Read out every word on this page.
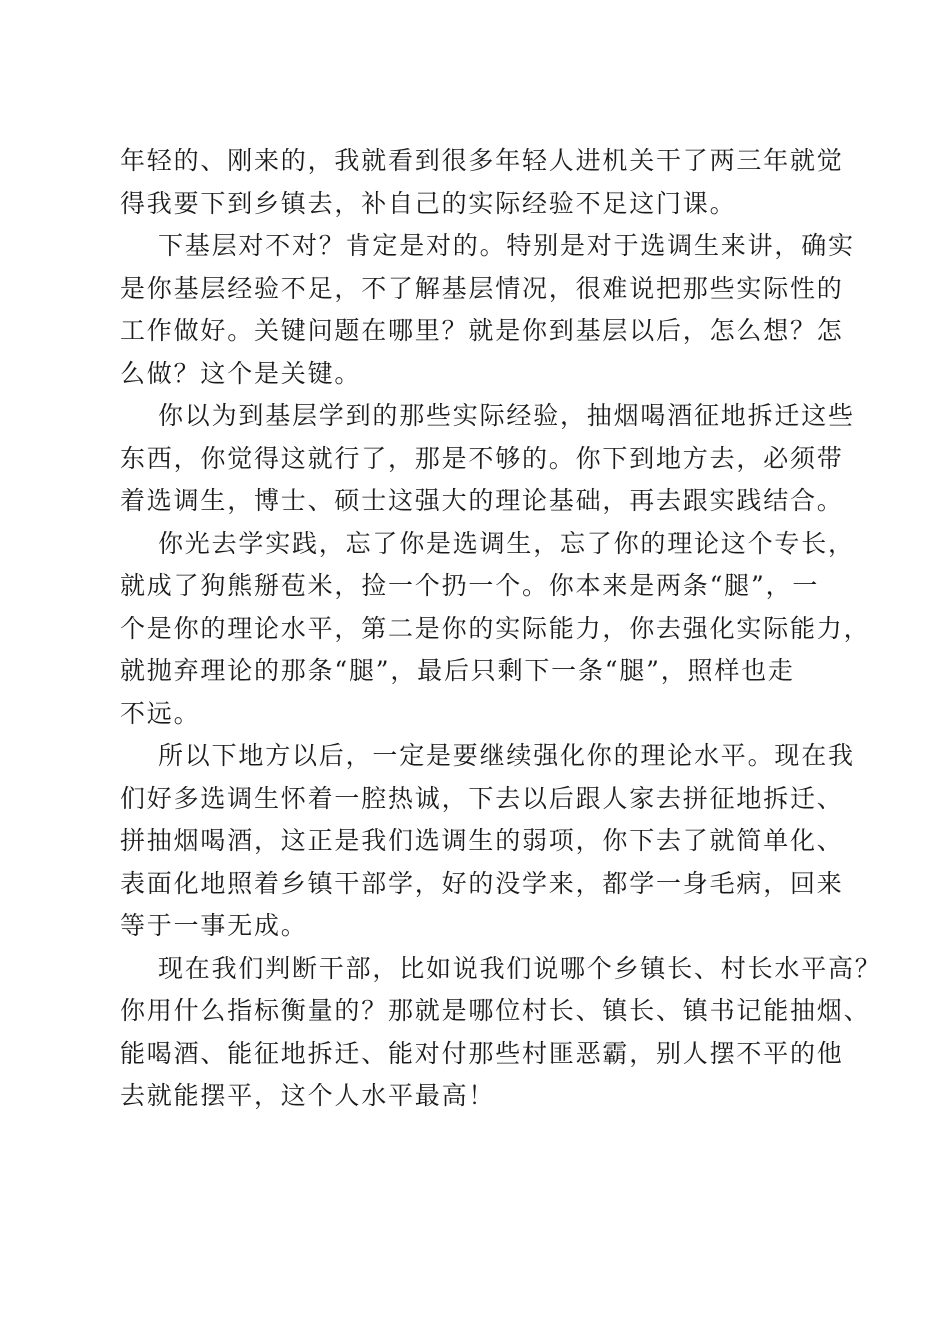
年轻的、刚来的，我就看到很多年轻人进机关干了两三年就觉
得我要下到乡镇去，补自己的实际经验不足这门课。

下基层对不对？肯定是对的。特别是对于选调生来讲，确实
是你基层经验不足，不了解基层情况，很难说把那些实际性的
工作做好。关键问题在哪里？就是你到基层以后，怎么想？怎
么做？这个是关键。

你以为到基层学到的那些实际经验，抽烟喝酒征地拆迁这些
东西，你觉得这就行了，那是不够的。你下到地方去，必须带
着选调生，博士、硕士这强大的理论基础，再去跟实践结合。

你光去学实践，忘了你是选调生，忘了你的理论这个专长，
就成了狗熊掰苞米，捡一个扔一个。你本来是两条“腿”，一
个是你的理论水平，第二是你的实际能力，你去强化实际能力，
就抛弃理论的那条“腿”，最后只剩下一条“腿”，照样也走
不远。

所以下地方以后，一定是要继续强化你的理论水平。现在我
们好多选调生怀着一腔热诚，下去以后跟人家去拼征地拆迁、
拼抽烟喝酒，这正是我们选调生的弱项，你下去了就简单化、
表面化地照着乡镇干部学，好的没学来，都学一身毛病，回来
等于一事无成。

现在我们判断干部，比如说我们说哪个乡镇长、村长水平高？
你用什么指标衡量的？那就是哪位村长、镇长、镇书记能抽烟、
能喝酒、能征地拆迁、能对付那些村匪恶霸，别人摆不平的他
去就能摆平，这个人水平最高！
